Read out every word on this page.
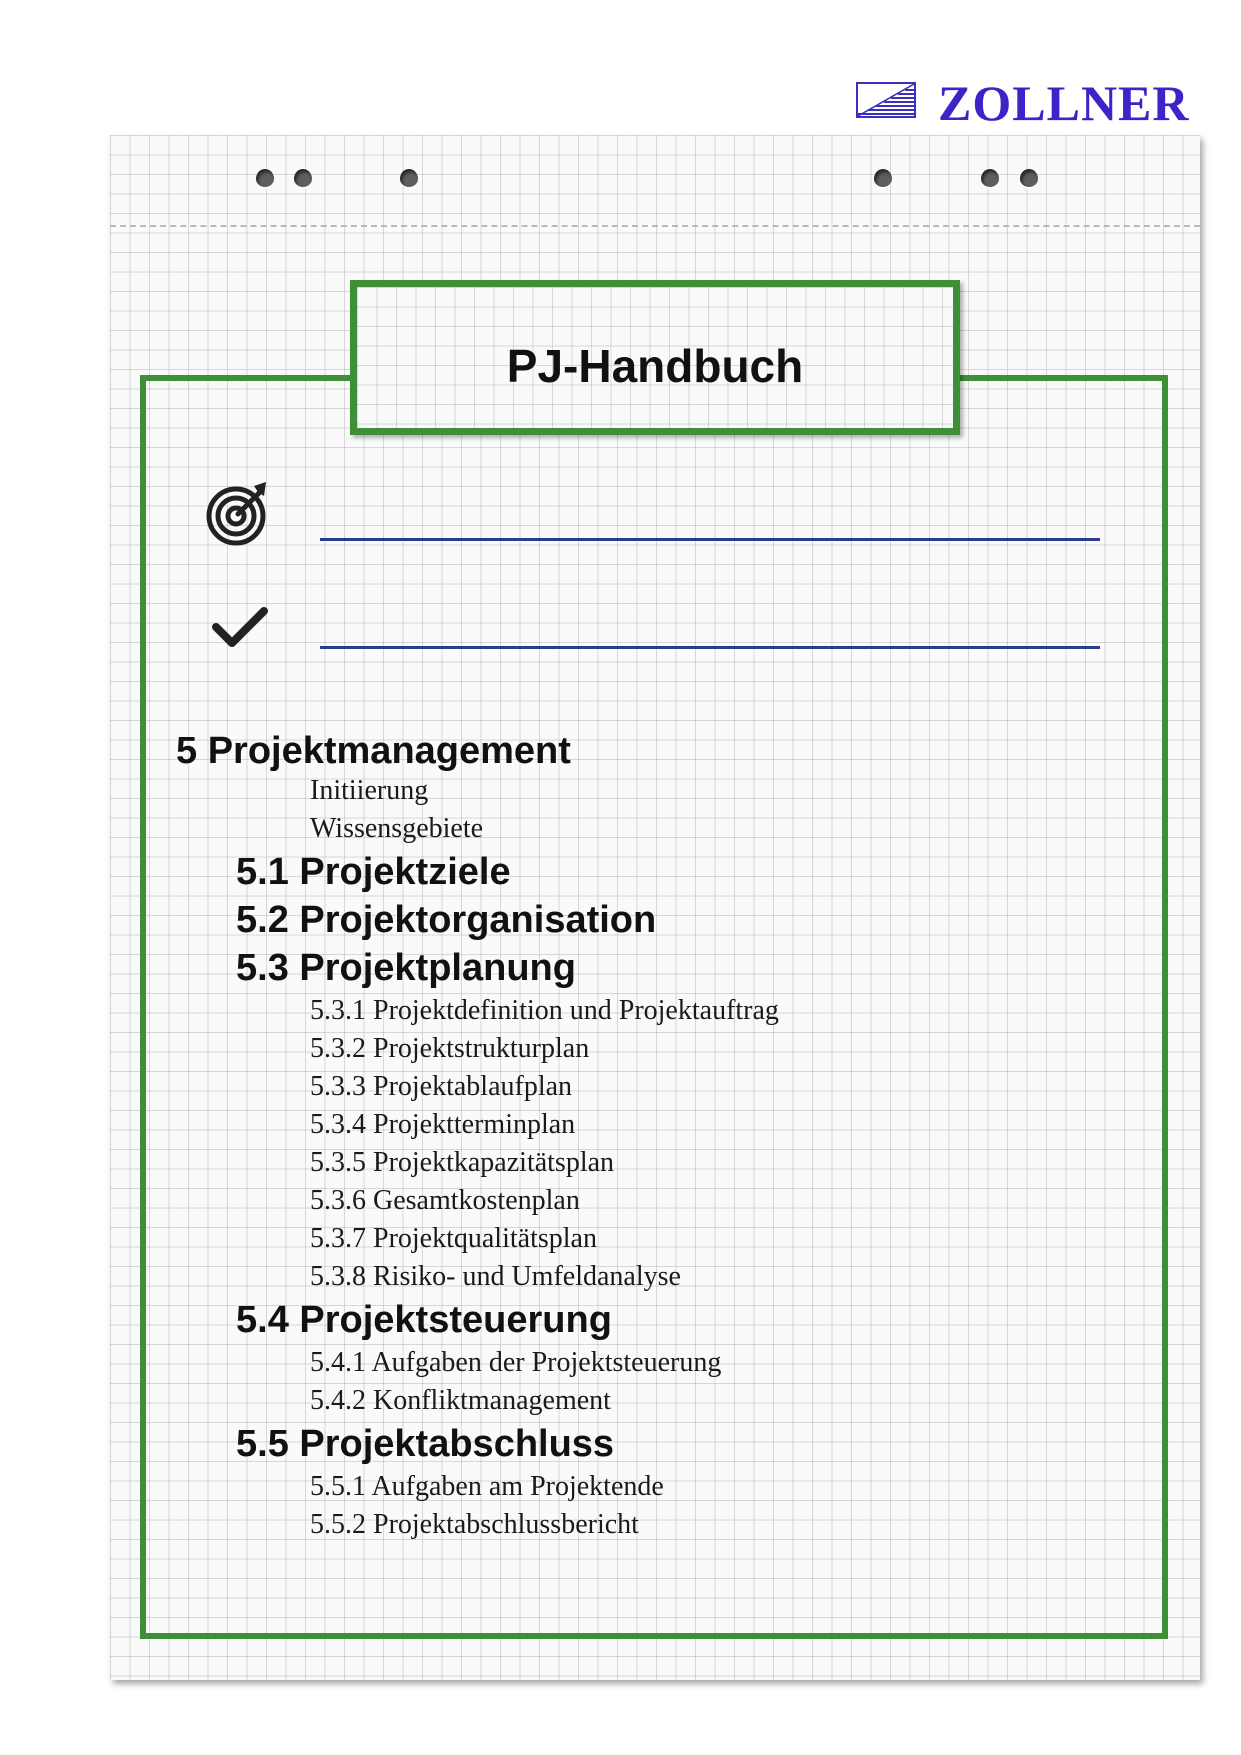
ZOLLNER
PJ-Handbuch
5 Projektmanagement
Initiierung
Wissensgebiete
5.1 Projektziele
5.2 Projektorganisation
5.3 Projektplanung
5.3.1 Projektdefinition und Projektauftrag
5.3.2 Projektstrukturplan
5.3.3 Projektablaufplan
5.3.4 Projektterminplan
5.3.5 Projektkapazitätsplan
5.3.6 Gesamtkostenplan
5.3.7 Projektqualitätsplan
5.3.8 Risiko- und Umfeldanalyse
5.4 Projektsteuerung
5.4.1 Aufgaben der Projektsteuerung
5.4.2 Konfliktmanagement
5.5 Projektabschluss
5.5.1 Aufgaben am Projektende
5.5.2 Projektabschlussbericht
